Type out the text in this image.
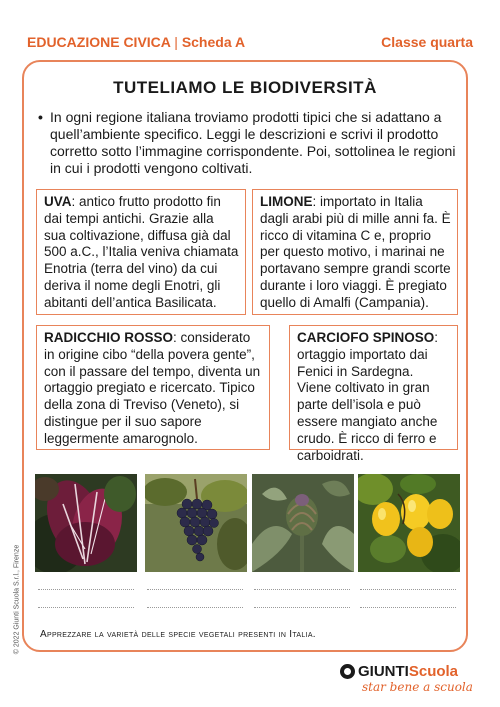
EDUCAZIONE CIVICA | Scheda A	Classe quarta
TUTELIAMO LE BIODIVERSITÀ
• In ogni regione italiana troviamo prodotti tipici che si adattano a quell’ambiente specifico. Leggi le descrizioni e scrivi il prodotto corretto sotto l’immagine corrispondente. Poi, sottolinea le regioni in cui i prodotti vengono coltivati.
UVA: antico frutto prodotto fin dai tempi antichi. Grazie alla sua coltivazione, diffusa già dal 500 a.C., l’Italia veniva chiamata Enotria (terra del vino) da cui deriva il nome degli Enotri, gli abitanti dell’antica Basilicata.
LIMONE: importato in Italia dagli arabi più di mille anni fa. È ricco di vitamina C e, proprio per questo motivo, i marinai ne portavano sempre grandi scorte durante i loro viaggi. È pregiato quello di Amalfi (Campania).
RADICCHIO ROSSO: considerato in origine cibo “della povera gente”, con il passare del tempo, diventa un ortaggio pregiato e ricercato. Tipico della zona di Treviso (Veneto), si distingue per il suo sapore leggermente amarognolo.
CARCIOFO SPINOSO: ortaggio importato dai Fenici in Sardegna. Viene coltivato in gran parte dell’isola e può essere mangiato anche crudo. È ricco di ferro e carboidrati.
Apprezzare la varietà delle specie vegetali presenti in Italia.
© 2022 Giunti Scuola S.r.l., Firenze
GIUNTIScuola
star bene a scuola
